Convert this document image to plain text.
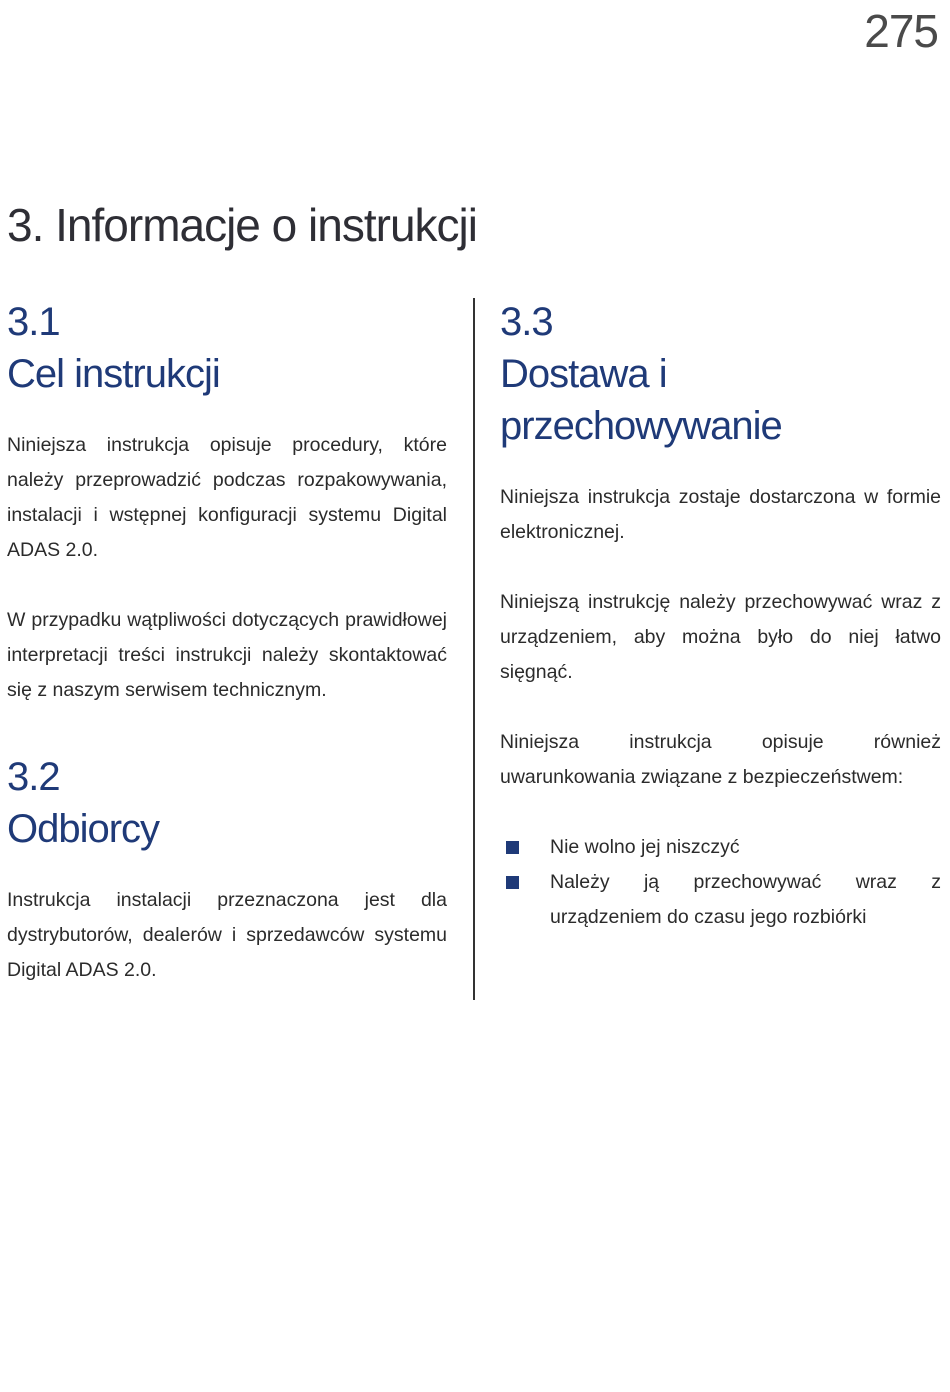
275
3. Informacje o instrukcji
3.1
Cel instrukcji

Niniejsza instrukcja opisuje procedury, które należy przeprowadzić podczas rozpakowywania, instalacji i wstępnej konfiguracji systemu Digital ADAS 2.0.

W przypadku wątpliwości dotyczących prawidłowej interpretacji treści instrukcji należy skontaktować się z naszym serwisem technicznym.

3.2
Odbiorcy

Instrukcja instalacji przeznaczona jest dla dystrybutorów, dealerów i sprzedawców systemu Digital ADAS 2.0.

3.3
Dostawa i przechowywanie

Niniejsza instrukcja zostaje dostarczona w formie elektronicznej.

Niniejszą instrukcję należy przechowywać wraz z urządzeniem, aby można było do niej łatwo sięgnąć.

Niniejsza instrukcja opisuje również uwarunkowania związane z bezpieczeństwem:

Nie wolno jej niszczyć
Należy ją przechowywać wraz z urządzeniem do czasu jego rozbiórki
